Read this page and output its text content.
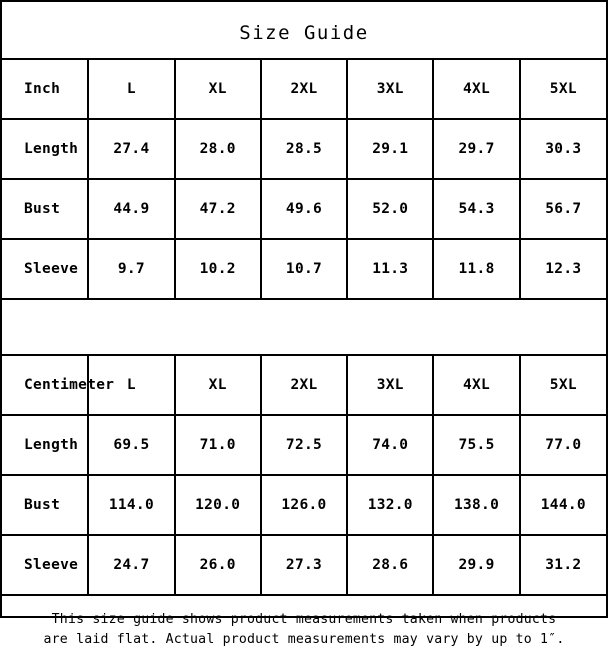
Size Guide
Inch	L	XL	2XL	3XL	4XL	5XL
Length	27.4	28.0	28.5	29.1	29.7	30.3
Bust	44.9	47.2	49.6	52.0	54.3	56.7
Sleeve	9.7	10.2	10.7	11.3	11.8	12.3
Centimeter	L	XL	2XL	3XL	4XL	5XL
Length	69.5	71.0	72.5	74.0	75.5	77.0
Bust	114.0	120.0	126.0	132.0	138.0	144.0
Sleeve	24.7	26.0	27.3	28.6	29.9	31.2
This size guide shows product measurements taken when products
are laid flat. Actual product measurements may vary by up to 1″.
